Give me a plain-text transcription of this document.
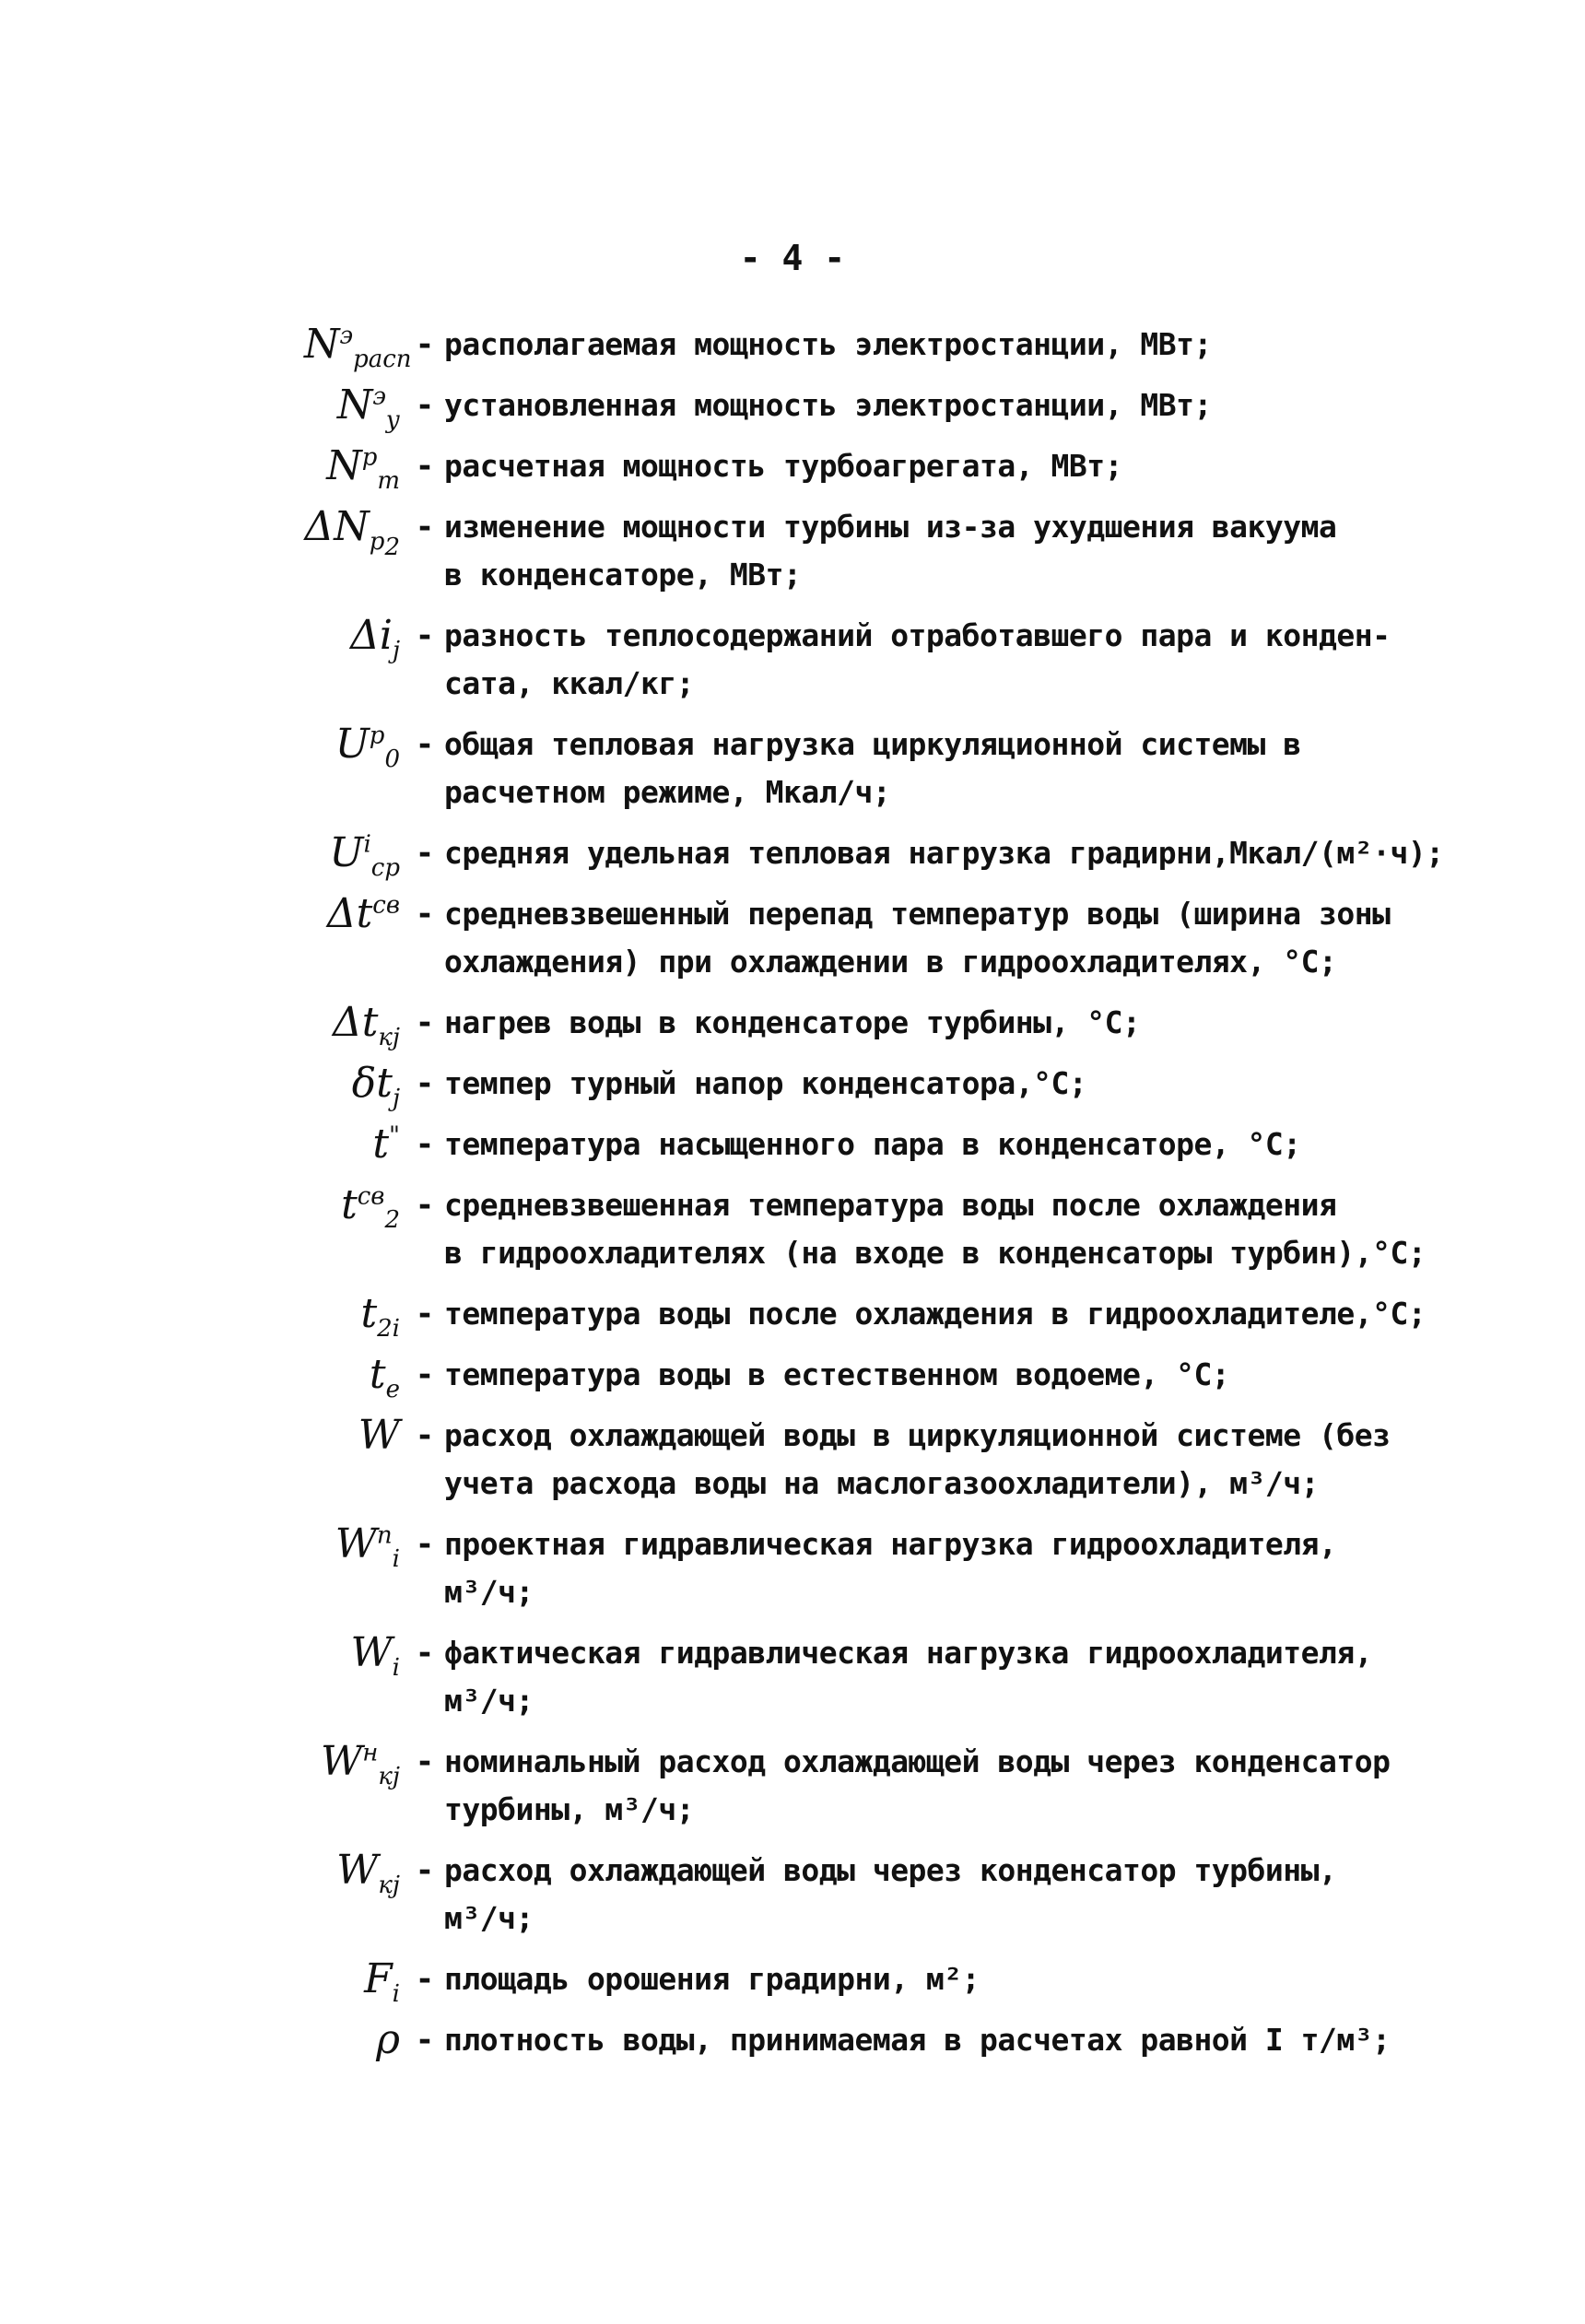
- 4 -
$N^э_{расп}$ - располагаемая мощность электростанции, МВт;
$N^э_у$ - установленная мощность электростанции, МВт;
$N^р_т$ - расчетная мощность турбоагрегата, МВт;
$\Delta N_{р_2}$
- изменение мощности турбины из-за ухудшения вакуума
в конденсаторе, МВт;
$\Delta i_j$ - разность теплосодержаний отработавшего пара и конден-
сата, ккал/кг;
$U^р_0$ - общая тепловая нагрузка циркуляционной системы в
расчетном режиме, Мкал/ч;
$U^i_{ср}$ - средняя удельная тепловая нагрузка градирни,Мкал/(м²·ч);
$\Delta t^{св}$ - средневзвешенный перепад температур воды (ширина зоны
охлаждения) при охлаждении в гидроохладителях, °С;
$\Delta t_{кj}$ - нагрев воды в конденсаторе турбины, °С;
$\delta t_j$ - темпер турный напор конденсатора,°С;
t" - температура насыщенного пара в конденсаторе, °С;
$t^{св}_2$ - средневзвешенная температура воды после охлаждения
в гидроохладителях (на входе в конденсаторы турбин),°С;
$t_{2i}$ - температура воды после охлаждения в гидроохладителе,°С;
$t_е$ - температура воды в естественном водоеме, °С;
W - расход охлаждающей воды в циркуляционной системе (без
учета расхода воды на маслогазоохладители), м³/ч;
$W^п_i$ - проектная гидравлическая нагрузка гидроохладителя,
м³/ч;
$W_i$ - фактическая гидравлическая нагрузка гидроохладителя,
м³/ч;
$W^н_{кj}$ - номинальный расход охлаждающей воды через конденсатор
турбины, м³/ч;
$W_{кj}$ - расход охлаждающей воды через конденсатор турбины,
м³/ч;
$F_i$ - площадь орошения градирни, м²;
ρ - плотность воды, принимаемая в расчетах равной I т/м³;
